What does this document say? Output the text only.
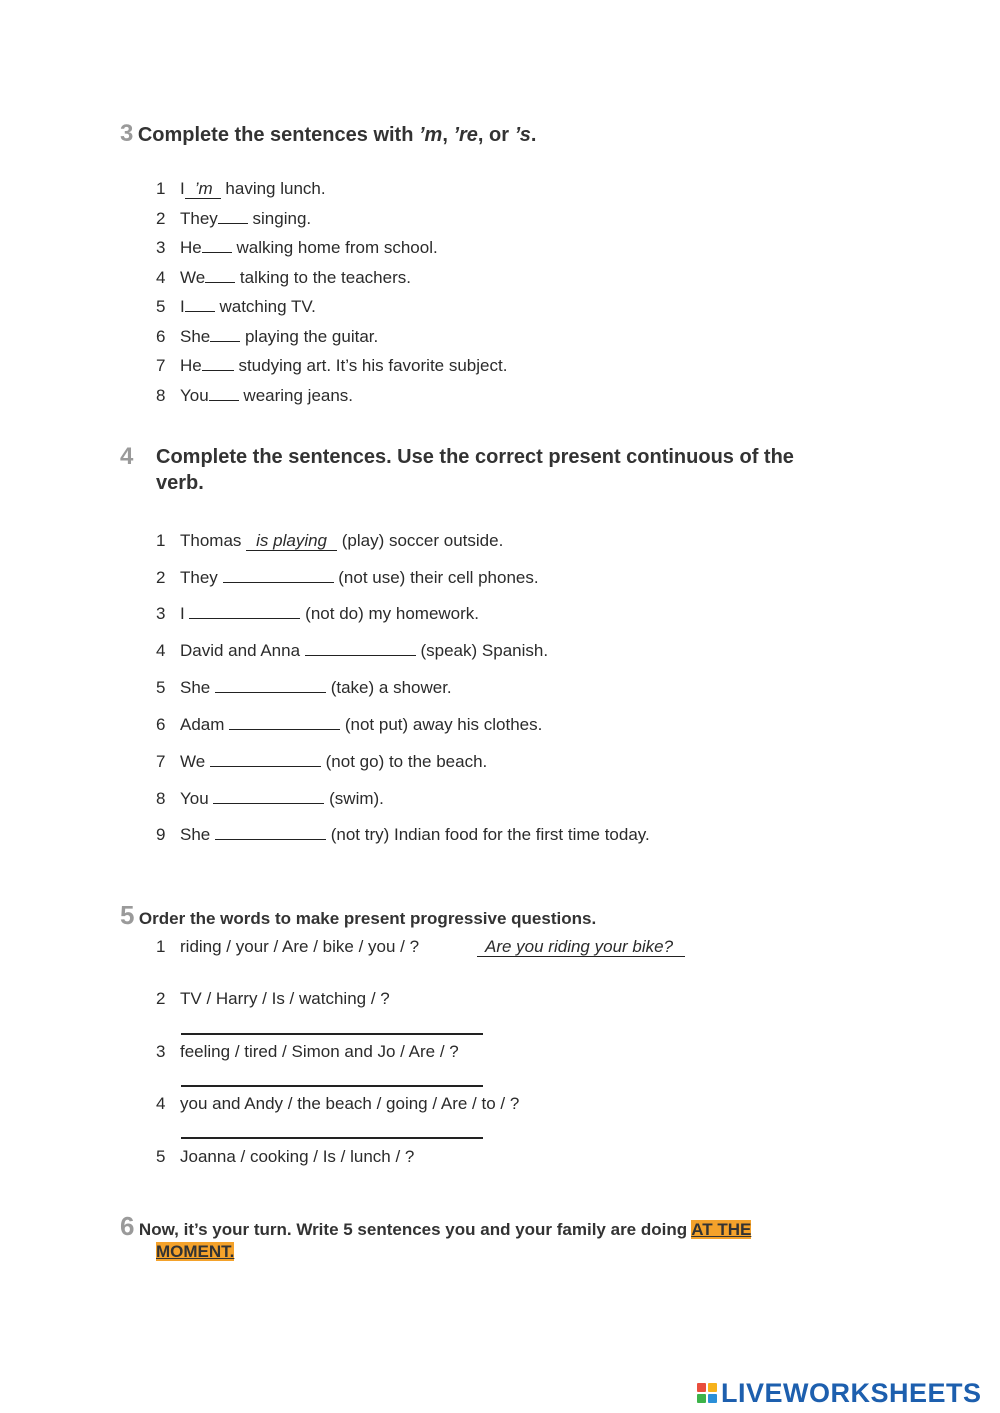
3 Complete the sentences with ’m, ’re, or ’s.
1 I ’m having lunch.
2 They singing.
3 He walking home from school.
4 We talking to the teachers.
5 I watching TV.
6 She playing the guitar.
7 He studying art. It’s his favorite subject.
8 You wearing jeans.
4 Complete the sentences. Use the correct present continuous of the
verb.
1 Thomas is playing (play) soccer outside.
2 They	(not use) their cell phones.
3 I	(not do) my homework.
4 David and Anna	(speak) Spanish.
5 She	(take) a shower.
6 Adam	(not put) away his clothes.
7 We	(not go) to the beach.
8 You	(swim).
9 She	(not try) Indian food for the first time today.
5 Order the words to make present progressive questions.
1 riding / your / Are / bike / you / ?	Are you riding your bike?
2 TV / Harry / Is / watching / ?
3 feeling / tired / Simon and Jo / Are / ?
4 you and Andy / the beach / going / Are / to / ?
5 Joanna / cooking / Is / lunch / ?
6 Now, it’s your turn. Write 5 sentences you and your family are doing AT THE
MOMENT.
LIVEWORKSHEETS
